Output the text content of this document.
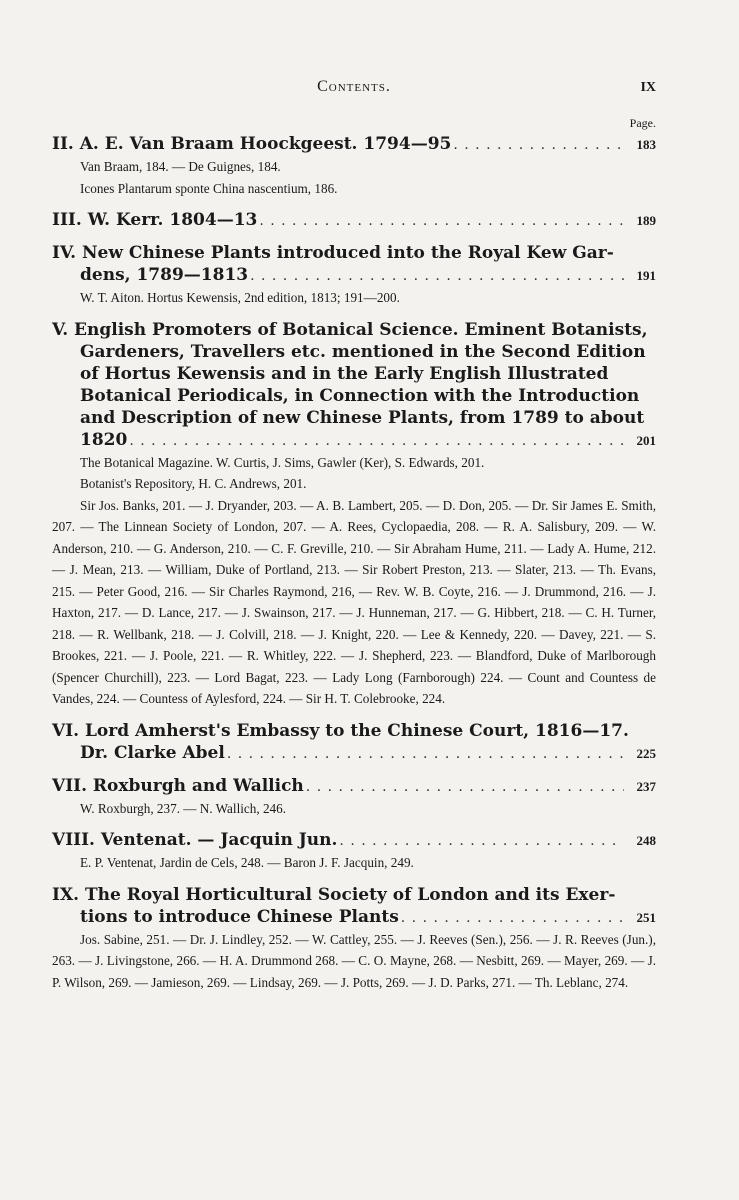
Contents.	IX
Page.
II. A. E. Van Braam Hoockgeest. 1794—95 . . .	183

Van Braam, 184. — De Guignes, 184.

Icones Plantarum sponte China nascentium, 186.

III. W. Kerr. 1804—13 . . .	189
IV. New Chinese Plants introduced into the Royal Kew Gar-
dens, 1789—1813 . . .	191

W. T. Aiton. Hortus Kewensis, 2nd edition, 1813; 191—200.

V. English Promoters of Botanical Science. Eminent Botanists,
Gardeners, Travellers etc. mentioned in the Second Edition
of Hortus Kewensis and in the Early English Illustrated
Botanical Periodicals, in Connection with the Introduction
and Description of new Chinese Plants, from 1789 to about
1820 . . .	201

The Botanical Magazine. W. Curtis, J. Sims, Gawler (Ker), S. Edwards, 201.

Botanist's Repository, H. C. Andrews, 201.

Sir Jos. Banks, 201. — J. Dryander, 203. — A. B. Lambert, 205. — D. Don, 205. — Dr. Sir James E. Smith, 207. — The Linnean Society of London, 207. — A. Rees, Cyclopaedia, 208. — R. A. Salisbury, 209. — W. Anderson, 210. — G. Anderson, 210. — C. F. Greville, 210. — Sir Abraham Hume, 211. — Lady A. Hume, 212. — J. Mean, 213. — William, Duke of Portland, 213. — Sir Robert Preston, 213. — Slater, 213. — Th. Evans, 215. — Peter Good, 216. — Sir Charles Raymond, 216, — Rev. W. B. Coyte, 216. — J. Drummond, 216. — J. Haxton, 217. — D. Lance, 217. — J. Swainson, 217. — J. Hunneman, 217. — G. Hibbert, 218. — C. H. Turner, 218. — R. Wellbank, 218. — J. Colvill, 218. — J. Knight, 220. — Lee & Kennedy, 220. — Davey, 221. — S. Brookes, 221. — J. Poole, 221. — R. Whitley, 222. — J. Shepherd, 223. — Blandford, Duke of Marlborough (Spencer Churchill), 223. — Lord Bagat, 223. — Lady Long (Farnborough) 224. — Count and Countess de Vandes, 224. — Countess of Aylesford, 224. — Sir H. T. Colebrooke, 224.

VI. Lord Amherst's Embassy to the Chinese Court, 1816—17.
Dr. Clarke Abel . . .	225
VII. Roxburgh and Wallich . . .	237

W. Roxburgh, 237. — N. Wallich, 246.

VIII. Ventenat. — Jacquin Jun. . . .	248

E. P. Ventenat, Jardin de Cels, 248. — Baron J. F. Jacquin, 249.

IX. The Royal Horticultural Society of London and its Exer-
tions to introduce Chinese Plants . . .	251

Jos. Sabine, 251. — Dr. J. Lindley, 252. — W. Cattley, 255. — J. Reeves (Sen.), 256. — J. R. Reeves (Jun.), 263. — J. Livingstone, 266. — H. A. Drummond 268. — C. O. Mayne, 268. — Nesbitt, 269. — Mayer, 269. — J. P. Wilson, 269. — Jamieson, 269. — Lindsay, 269. — J. Potts, 269. — J. D. Parks, 271. — Th. Leblanc, 274.
